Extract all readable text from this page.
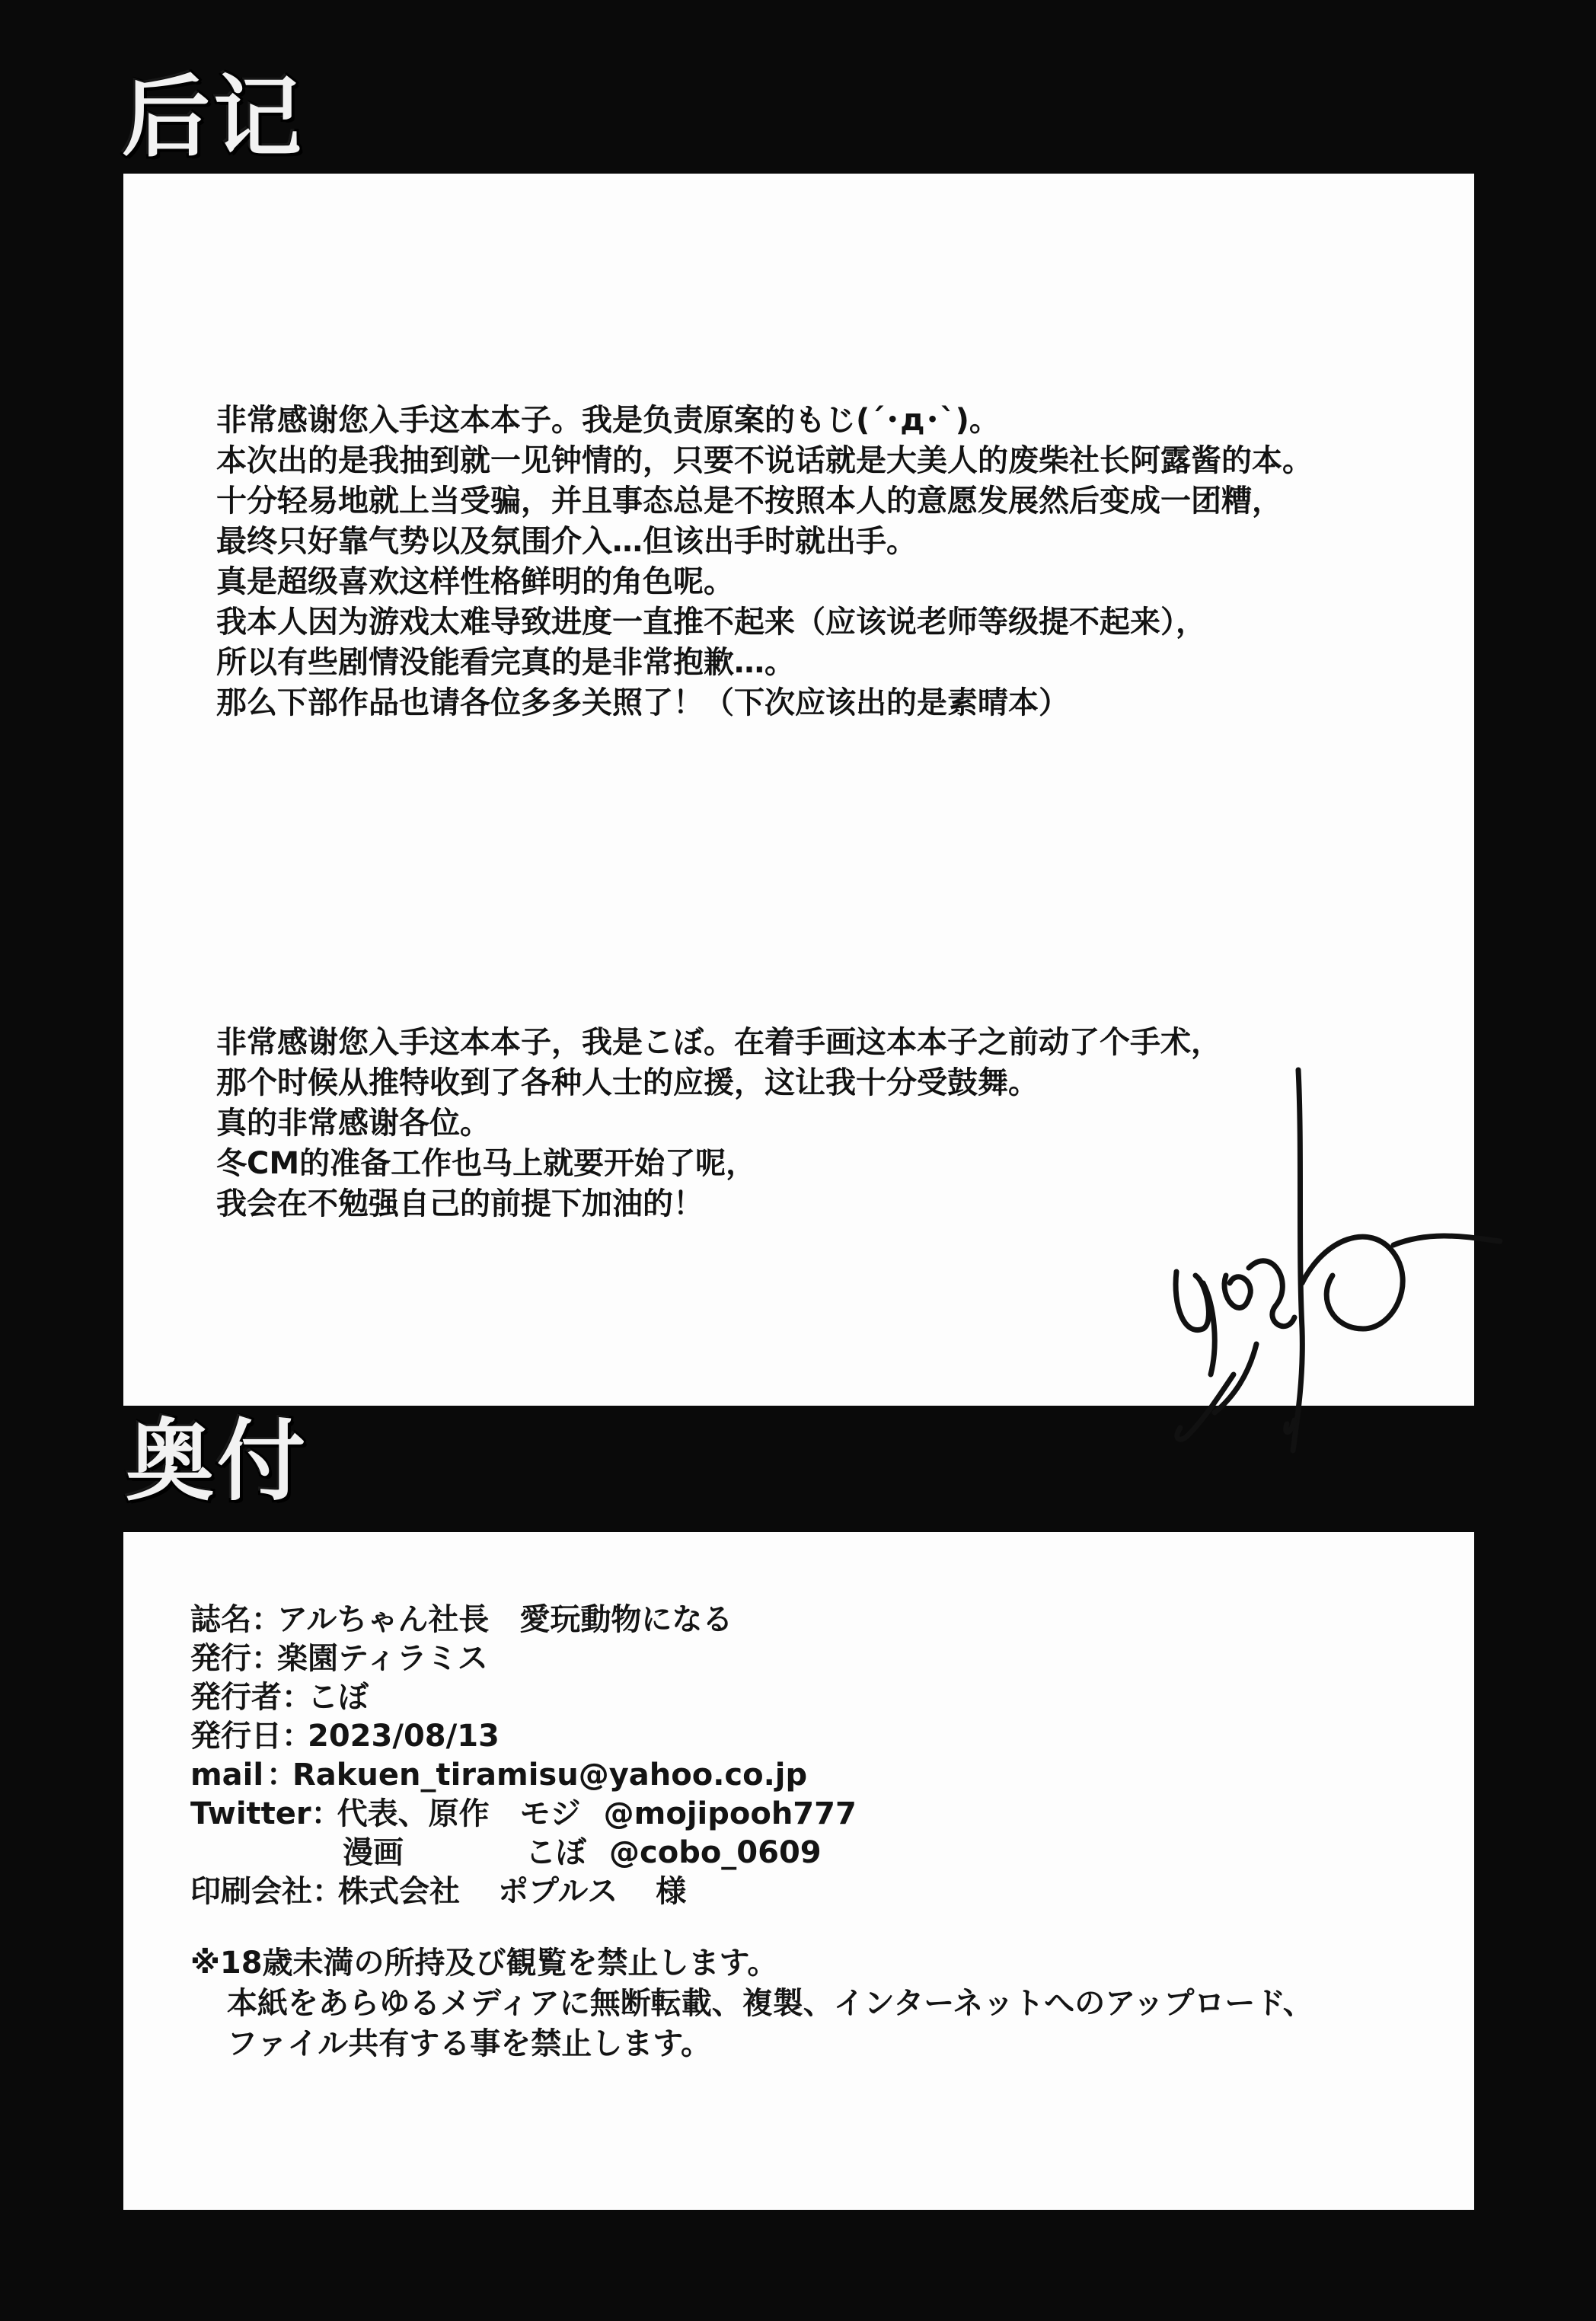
后记
非常感谢您入手这本本子。我是负责原案的もじ(´･д･`)。
本次出的是我抽到就一见钟情的，只要不说话就是大美人的废柴社长阿露酱的本。
十分轻易地就上当受骗，并且事态总是不按照本人的意愿发展然后变成一团糟，
最终只好靠气势以及氛围介入…但该出手时就出手。
真是超级喜欢这样性格鲜明的角色呢。
我本人因为游戏太难导致进度一直推不起来（应该说老师等级提不起来），
所以有些剧情没能看完真的是非常抱歉…。
那么下部作品也请各位多多关照了！（下次应该出的是素晴本）
非常感谢您入手这本本子，我是こぼ。在着手画这本本子之前动了个手术，
那个时候从推特收到了各种人士的应援，这让我十分受鼓舞。
真的非常感谢各位。
冬CM的准备工作也马上就要开始了呢，
我会在不勉强自己的前提下加油的！
奥付
誌名 ：
アルちゃん社長　愛玩動物になる
発行 ：
楽園ティラミス
発行者 ：
こぼ
発行日 ：
2023/08/13
mail ：
Rakuen_tiramisu@yahoo.co.jp
Twitter ：
代表、原作	モジ @mojipooh777
漫画	こぼ @cobo_0609
印刷会社 ：
株式会社 ポプルス 様
※18歳未満の所持及び観覧を禁止します。
本紙をあらゆるメディアに無断転載、複製、インターネットへのアップロード、
ファイル共有する事を禁止します。
